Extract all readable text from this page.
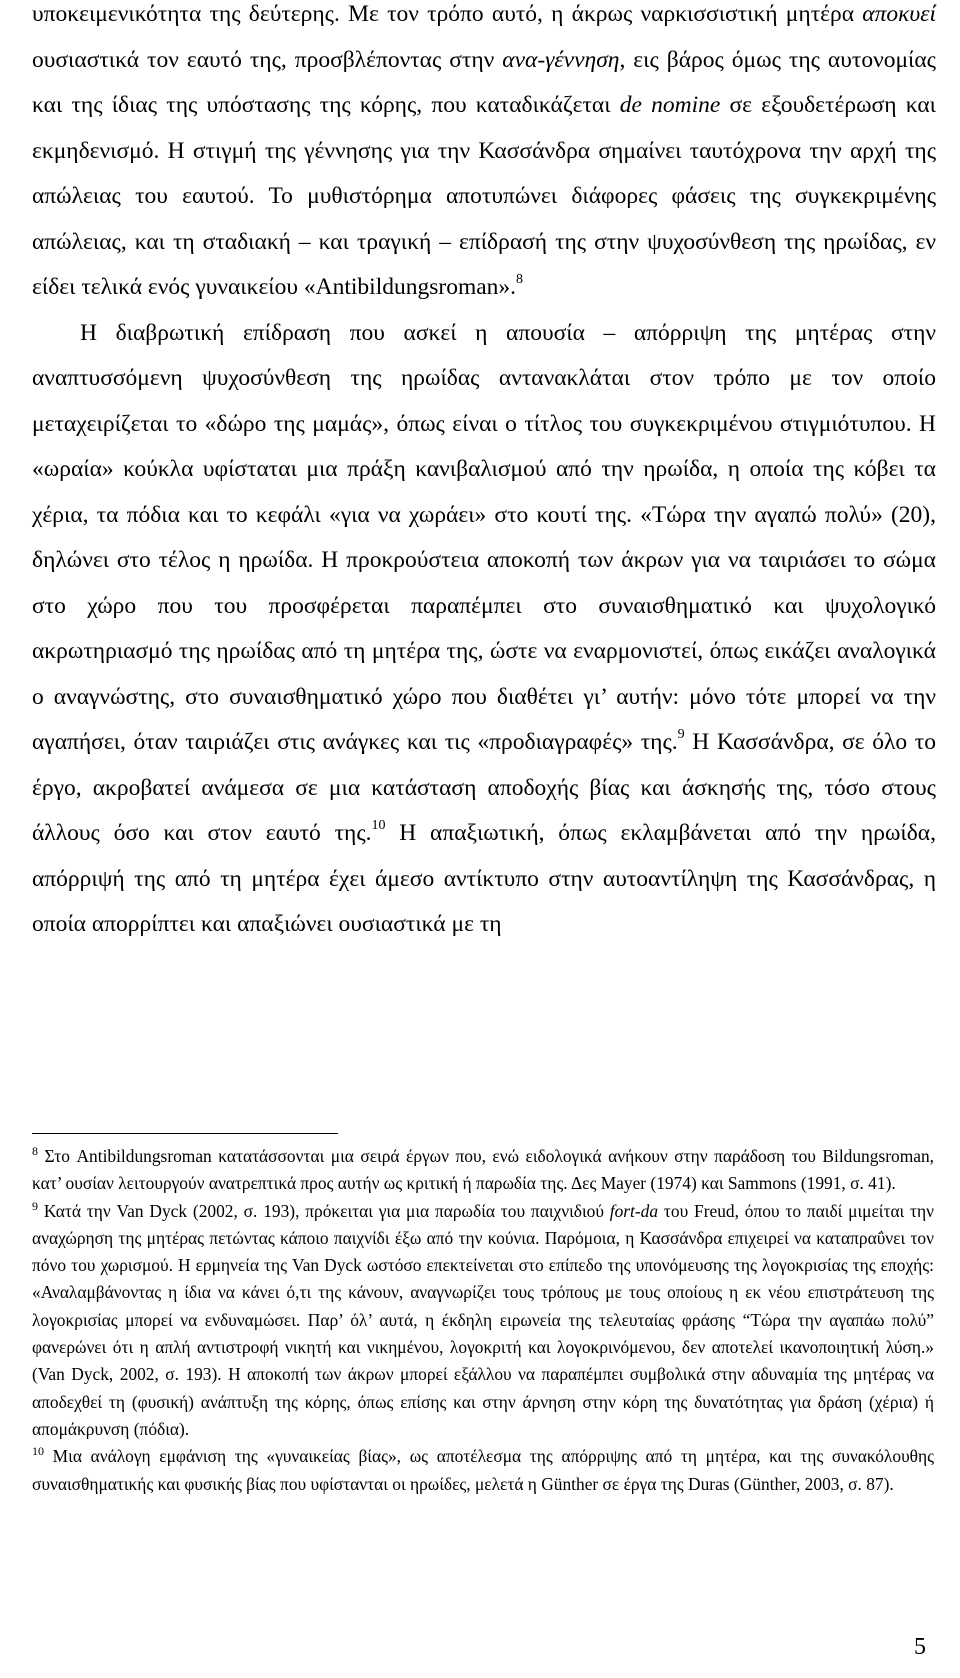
υποκειμενικότητα της δεύτερης. Με τον τρόπο αυτό, η άκρως ναρκισσιστική μητέρα αποκυεί ουσιαστικά τον εαυτό της, προσβλέποντας στην ανα-γέννηση, εις βάρος όμως της αυτονομίας και της ίδιας της υπόστασης της κόρης, που καταδικάζεται de nomine σε εξουδετέρωση και εκμηδενισμό. Η στιγμή της γέννησης για την Κασσάνδρα σημαίνει ταυτόχρονα την αρχή της απώλειας του εαυτού. Το μυθιστόρημα αποτυπώνει διάφορες φάσεις της συγκεκριμένης απώλειας, και τη σταδιακή – και τραγική – επίδρασή της στην ψυχοσύνθεση της ηρωίδας, εν είδει τελικά ενός γυναικείου «Antibildungsroman».$^8$

Η διαβρωτική επίδραση που ασκεί η απουσία – απόρριψη της μητέρας στην αναπτυσσόμενη ψυχοσύνθεση της ηρωίδας αντανακλάται στον τρόπο με τον οποίο μεταχειρίζεται το «δώρο της μαμάς», όπως είναι ο τίτλος του συγκεκριμένου στιγμιότυπου. Η «ωραία» κούκλα υφίσταται μια πράξη κανιβαλισμού από την ηρωίδα, η οποία της κόβει τα χέρια, τα πόδια και το κεφάλι «για να χωράει» στο κουτί της. «Τώρα την αγαπώ πολύ» (20), δηλώνει στο τέλος η ηρωίδα. Η προκρούστεια αποκοπή των άκρων για να ταιριάσει το σώμα στο χώρο που του προσφέρεται παραπέμπει στο συναισθηματικό και ψυχολογικό ακρωτηριασμό της ηρωίδας από τη μητέρα της, ώστε να εναρμονιστεί, όπως εικάζει αναλογικά ο αναγνώστης, στο συναισθηματικό χώρο που διαθέτει γι’ αυτήν: μόνο τότε μπορεί να την αγαπήσει, όταν ταιριάζει στις ανάγκες και τις «προδιαγραφές» της.$^9$ Η Κασσάνδρα, σε όλο το έργο, ακροβατεί ανάμεσα σε μια κατάσταση αποδοχής βίας και άσκησής της, τόσο στους άλλους όσο και στον εαυτό της.$^{10}$ Η απαξιωτική, όπως εκλαμβάνεται από την ηρωίδα, απόρριψή της από τη μητέρα έχει άμεσο αντίκτυπο στην αυτοαντίληψη της Κασσάνδρας, η οποία απορρίπτει και απαξιώνει ουσιαστικά με τη

$^8$ Στο Antibildungsroman κατατάσσονται μια σειρά έργων που, ενώ ειδολογικά ανήκουν στην παράδοση του Bildungsroman, κατ’ ουσίαν λειτουργούν ανατρεπτικά προς αυτήν ως κριτική ή παρωδία της. Δες Mayer (1974) και Sammons (1991, σ. 41).

$^9$ Κατά την Van Dyck (2002, σ. 193), πρόκειται για μια παρωδία του παιχνιδιού fort-da του Freud, όπου το παιδί μιμείται την αναχώρηση της μητέρας πετώντας κάποιο παιχνίδι έξω από την κούνια. Παρόμοια, η Κασσάνδρα επιχειρεί να καταπραΰνει τον πόνο του χωρισμού. Η ερμηνεία της Van Dyck ωστόσο επεκτείνεται στο επίπεδο της υπονόμευσης της λογοκρισίας της εποχής: «Αναλαμβάνοντας η ίδια να κάνει ό,τι της κάνουν, αναγνωρίζει τους τρόπους με τους οποίους η εκ νέου επιστράτευση της λογοκρισίας μπορεί να ενδυναμώσει. Παρ’ όλ’ αυτά, η έκδηλη ειρωνεία της τελευταίας φράσης “Τώρα την αγαπάω πολύ” φανερώνει ότι η απλή αντιστροφή νικητή και νικημένου, λογοκριτή και λογοκρινόμενου, δεν αποτελεί ικανοποιητική λύση.» (Van Dyck, 2002, σ. 193). Η αποκοπή των άκρων μπορεί εξάλλου να παραπέμπει συμβολικά στην αδυναμία της μητέρας να αποδεχθεί τη (φυσική) ανάπτυξη της κόρης, όπως επίσης και στην άρνηση στην κόρη της δυνατότητας για δράση (χέρια) ή απομάκρυνση (πόδια).

$^{10}$ Μια ανάλογη εμφάνιση της «γυναικείας βίας», ως αποτέλεσμα της απόρριψης από τη μητέρα, και της συνακόλουθης συναισθηματικής και φυσικής βίας που υφίστανται οι ηρωίδες, μελετά η Günther σε έργα της Duras (Günther, 2003, σ. 87).

5
